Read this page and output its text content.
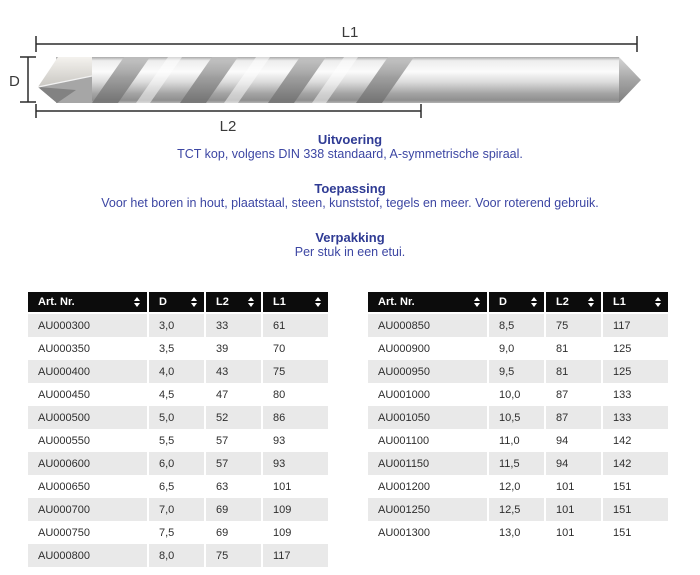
L1
D
L2
Uitvoering
TCT kop, volgens DIN 338 standaard, A-symmetrische spiraal.
Toepassing
Voor het boren in hout, plaatstaal, steen, kunststof, tegels en meer. Voor roterend gebruik.
Verpakking
Per stuk in een etui.
Art. Nr.	D	L2	L1

AU000300	3,0	33	61
AU000350	3,5	39	70
AU000400	4,0	43	75
AU000450	4,5	47	80
AU000500	5,0	52	86
AU000550	5,5	57	93
AU000600	6,0	57	93
AU000650	6,5	63	101
AU000700	7,0	69	109
AU000750	7,5	69	109
AU000800	8,0	75	117
Art. Nr.	D	L2	L1

AU000850	8,5	75	117
AU000900	9,0	81	125
AU000950	9,5	81	125
AU001000	10,0	87	133
AU001050	10,5	87	133
AU001100	11,0	94	142
AU001150	11,5	94	142
AU001200	12,0	101	151
AU001250	12,5	101	151
AU001300	13,0	101	151
